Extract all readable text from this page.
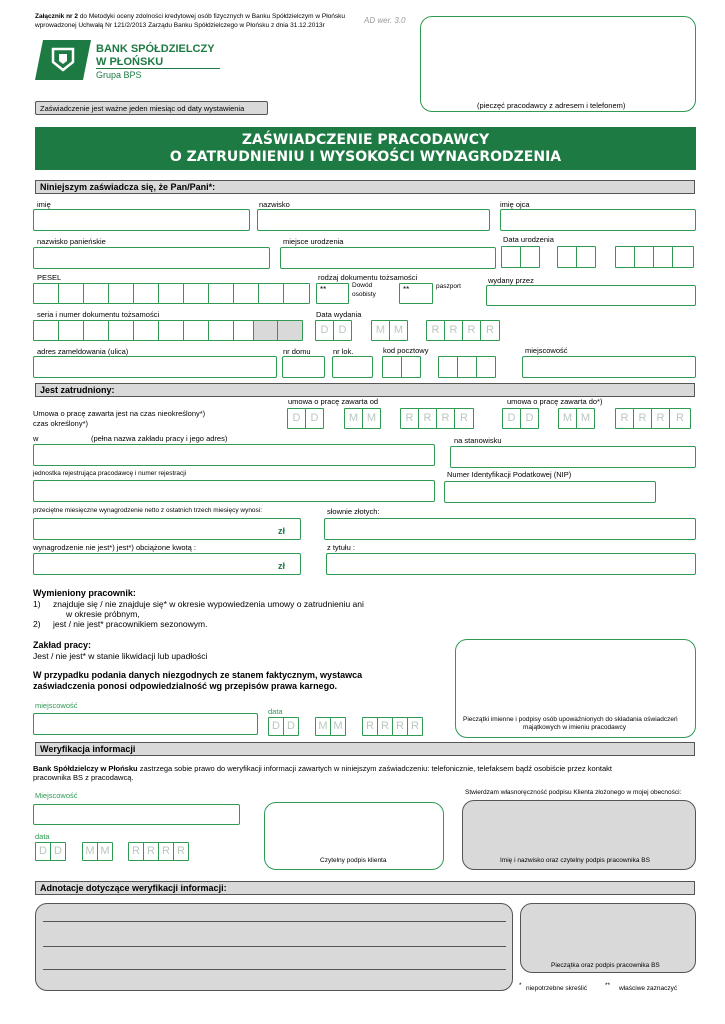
Załącznik nr 2 do Metodyki oceny zdolności kredytowej osób fizycznych w Banku Spółdzielczym w Płońsku
wprowadzonej Uchwałą Nr 121/2/2013 Zarządu Banku Spółdzielczego w Płońsku z dnia 31.12.2013r
AD wer. 3.0
BANK SPÓŁDZIELCZY
W PŁOŃSKU
Grupa BPS
Zaświadczenie jest ważne jeden miesiąc od daty wystawienia	(pieczęć pracodawcy z adresem i telefonem)
ZAŚWIADCZENIE PRACODAWCY
O ZATRUDNIENIU I WYSOKOŚCI WYNAGRODZENIA
Niniejszym zaświadcza się, że Pan/Pani*:
imię	nazwisko	imię ojca
nazwisko panieńskie	miejsce urodzenia	Data urodzenia
PESEL	rodzaj dokumentu tożsamości
**	Dowód
osobisty
**	paszport
wydany przez
seria i numer dokumentu tożsamości	Data wydania
D D	M M	R R R R
adres zameldowania (ulica)	nr domu	nr lok.	kod pocztowy	miejscowość
Jest zatrudniony:
umowa o pracę zawarta od
D D	M M	R R R R
umowa o pracę zawarta do*)
D D	M M	R R R	R
Umowa o pracę zawarta jest na czas nieokreślony*)
czas określony*)
w	(pełna nazwa zakładu pracy i jego adres)	na stanowisku
jednostka rejestrująca pracodawcę i numer rejestracji	Numer Identyfikacji Podatkowej (NIP)
przeciętne miesięczne wynagrodzenie netto z ostatnich trzech miesięcy wynosi:
zł
słownie złotych:
wynagrodzenie nie jest*) jest*) obciążone kwotą :
zł
z tytułu :
Wymieniony pracownik:
1) znajduje się / nie znajduje się* w okresie wypowiedzenia umowy o zatrudnieniu ani
w okresie próbnym,
2) jest / nie jest* pracownikiem sezonowym.
Zakład pracy:
Jest / nie jest* w stanie likwidacji lub upadłości
W przypadku podania danych niezgodnych ze stanem faktycznym, wystawca
zaświadczenia ponosi odpowiedzialność wg przepisów prawa karnego.
Pieczątki imienne i podpisy osób upoważnionych do składania oświadczeń
majątkowych w imieniu pracodawcy
miejscowość
data
D D	M M	R R R R
Weryfikacja informacji
Bank Spółdzielczy w Płońsku zastrzega sobie prawo do weryfikacji informacji zawartych w niniejszym zaświadczeniu: telefonicznie, telefaksem bądź osobiście przez kontakt
pracownika BS z pracodawcą.
Miejscowość
data
D D	M M	R R R R
Czytelny podpis klienta
Stwierdzam własnoręczność podpisu Klienta złożonego w mojej obecności:
Imię i nazwisko oraz czytelny podpis pracownika BS
Adnotacje dotyczące weryfikacji informacji:
Pieczątka oraz podpis pracownika BS
* niepotrzebne skreślić	** właściwe zaznaczyć
